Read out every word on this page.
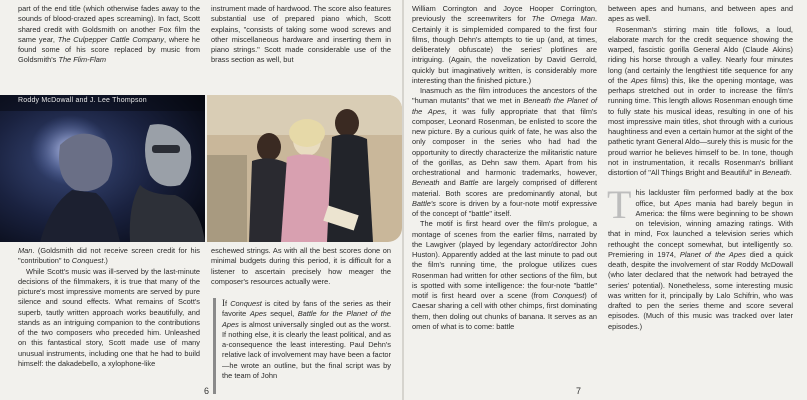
part of the end title (which otherwise fades away to the sounds of blood-crazed apes screaming). In fact, Scott shared credit with Goldsmith on another Fox film the same year, The Culpepper Cattle Company, where he found some of his score replaced by music from Goldsmith's The Flim-Flam

instrument made of hardwood. The score also features substantial use of prepared piano which, Scott explains, "consists of taking some wood screws and other miscellaneous hardware and inserting them in piano strings." Scott made considerable use of the brass section as well, but

Roddy McDowall and J. Lee Thompson

Man. (Goldsmith did not receive screen credit for his "contribution" to Conquest.)

While Scott's music was ill-served by the last-minute decisions of the filmmakers, it is true that many of the picture's most impressive moments are served by pure silence and sound effects. What remains of Scott's superb, tautly written approach works beautifully, and stands as an intriguing companion to the contributions of the two composers who preceded him. Unleashed on this fantastical story, Scott made use of many unusual instruments, including one that he had to build himself: the dakadebello, a xylophone-like

eschewed strings. As with all the best scores done on minimal budgets during this period, it is difficult for a listener to ascertain precisely how meager the composer's resources actually were.

If Conquest is cited by fans of the series as their favorite Apes sequel, Battle for the Planet of the Apes is almost universally singled out as the worst. If nothing else, it is clearly the least political, and as a-consequence the least interesting. Paul Dehn's relative lack of involvement may have been a factor—he wrote an outline, but the final script was by the team of John

6

William Corrington and Joyce Hooper Corrington, previously the screenwriters for The Omega Man. Certainly it is simplemided compared to the first four films, though Dehn's attempts to tie up (and, at times, deliberately obfuscate) the series' plotlines are intriguing. (Again, the novelization by David Gerrold, quickly but imaginatively written, is considerably more interesting than the finished picture.)

Inasmuch as the film introduces the ancestors of the "human mutants" that we met in Beneath the Planet of the Apes, it was fully appropriate that that film's composer, Leonard Rosenman, be enlisted to score the new picture. By a curious quirk of fate, he was also the only composer in the series who had had the opportunity to directly characterize the militaristic nature of the gorillas, as Dehn saw them. Apart from his orchestrational and harmonic trademarks, however, Beneath and Battle are largely comprised of different material. Both scores are predominantly atonal, but Battle's score is driven by a four-note motif expressive of the concept of "battle" itself.

The motif is first heard over the film's prologue, a montage of scenes from the earlier films, narrated by the Lawgiver (played by legendary actor/director John Huston). Apparently added at the last minute to pad out the film's running time, the prologue utilizes cues Rosenman had written for other sections of the film, but is spotted with some intelligence: the four-note "battle" motif is first heard over a scene (from Conquest) of Caesar sharing a cell with other chimps, first dominating them, then doling out chunks of banana. It serves as an omen of what is to come: battle

between apes and humans, and between apes and apes as well.

Rosenman's stirring main title follows, a loud, elaborate march for the credit sequence showing the warped, fascistic gorilla General Aldo (Claude Akins) riding his horse through a valley. Nearly four minutes long (and certainly the lengthiest title sequence for any of the Apes films) this, like the opening montage, was perhaps stretched out in order to increase the film's running time. This length allows Rosenman enough time to fully state his musical ideas, resulting in one of his most impressive main titles, shot through with a curious haughtiness and even a certain humor at the sight of the pathetic tyrant General Aldo—surely this is music for the proud warrior he believes himself to be. In tone, though not in instrumentation, it recalls Rosenman's brilliant distortion of "All Things Bright and Beautiful" in Beneath.

This lackluster film performed badly at the box office, but Apes mania had barely begun in America: the films were beginning to be shown on television, winning amazing ratings. With that in mind, Fox launched a television series which rethought the concept somewhat, but intelligently so. Premiering in 1974, Planet of the Apes died a quick death, despite the involvement of star Roddy McDowall (who later declared that the network had betrayed the series' potential). Nonetheless, some interesting music was written for it, principally by Lalo Schifrin, who was drafted to pen the series theme and score several episodes. (Much of this music was tracked over later episodes.)

7
